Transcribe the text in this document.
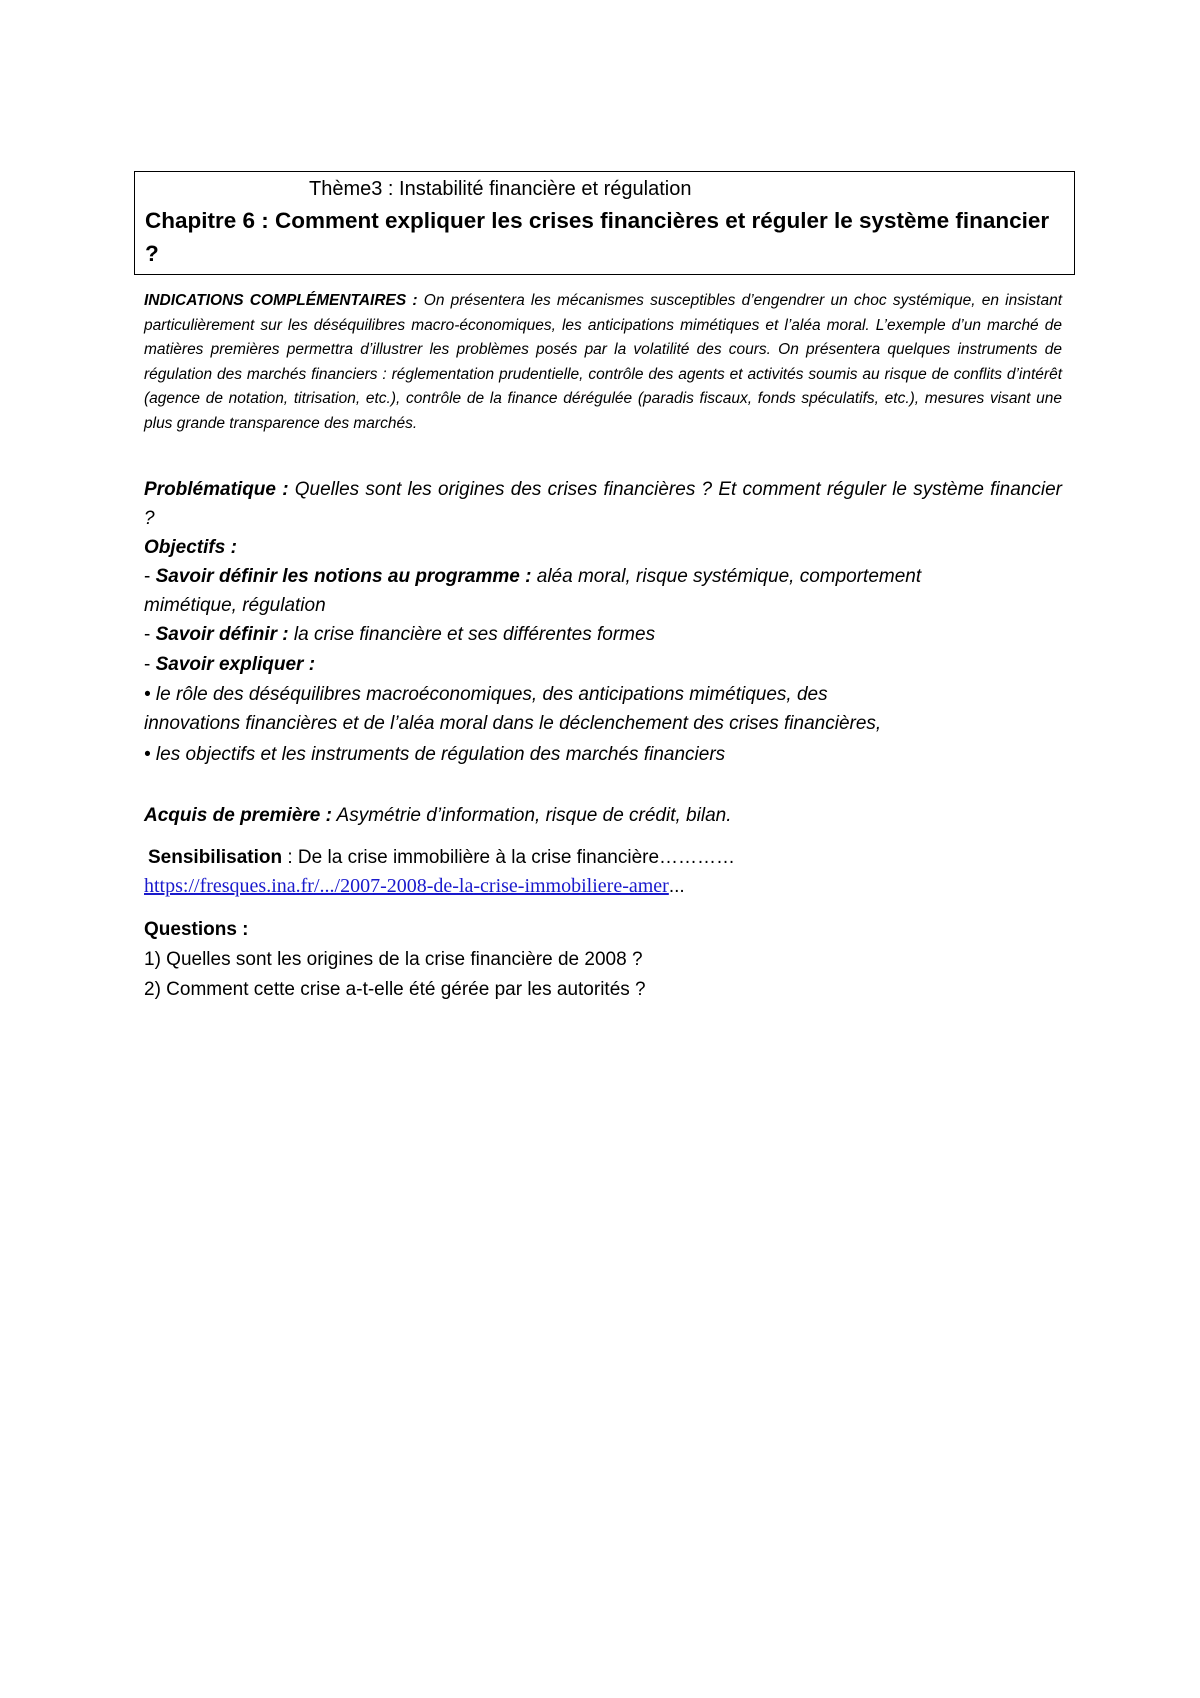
Thème3 : Instabilité financière et régulation

Chapitre 6 : Comment expliquer les crises financières et réguler le système financier ?

INDICATIONS COMPLÉMENTAIRES : On présentera les mécanismes susceptibles d’engendrer un choc systémique, en insistant particulièrement sur les déséquilibres macro-économiques, les anticipations mimétiques et l’aléa moral. L’exemple d’un marché de matières premières permettra d’illustrer les problèmes posés par la volatilité des cours. On présentera quelques instruments de régulation des marchés financiers : réglementation prudentielle, contrôle des agents et activités soumis au risque de conflits d’intérêt (agence de notation, titrisation, etc.), contrôle de la finance dérégulée (paradis fiscaux, fonds spéculatifs, etc.), mesures visant une plus grande transparence des marchés.

Problématique : Quelles sont les origines des crises financières ? Et comment réguler le système financier ?

Objectifs :

- Savoir définir les notions au programme : aléa moral, risque systémique, comportement

mimétique, régulation

- Savoir définir : la crise financière et ses différentes formes

- Savoir expliquer :

• le rôle des déséquilibres macroéconomiques, des anticipations mimétiques, des

innovations financières et de l’aléa moral dans le déclenchement des crises financières,

• les objectifs et les instruments de régulation des marchés financiers

Acquis de première : Asymétrie d’information, risque de crédit, bilan.

Sensibilisation : De la crise immobilière à la crise financière…………

https://fresques.ina.fr/.../2007-2008-de-la-crise-immobiliere-amer...

Questions :

1) Quelles sont les origines de la crise financière de 2008 ?

2) Comment cette crise a-t-elle été gérée par les autorités ?
